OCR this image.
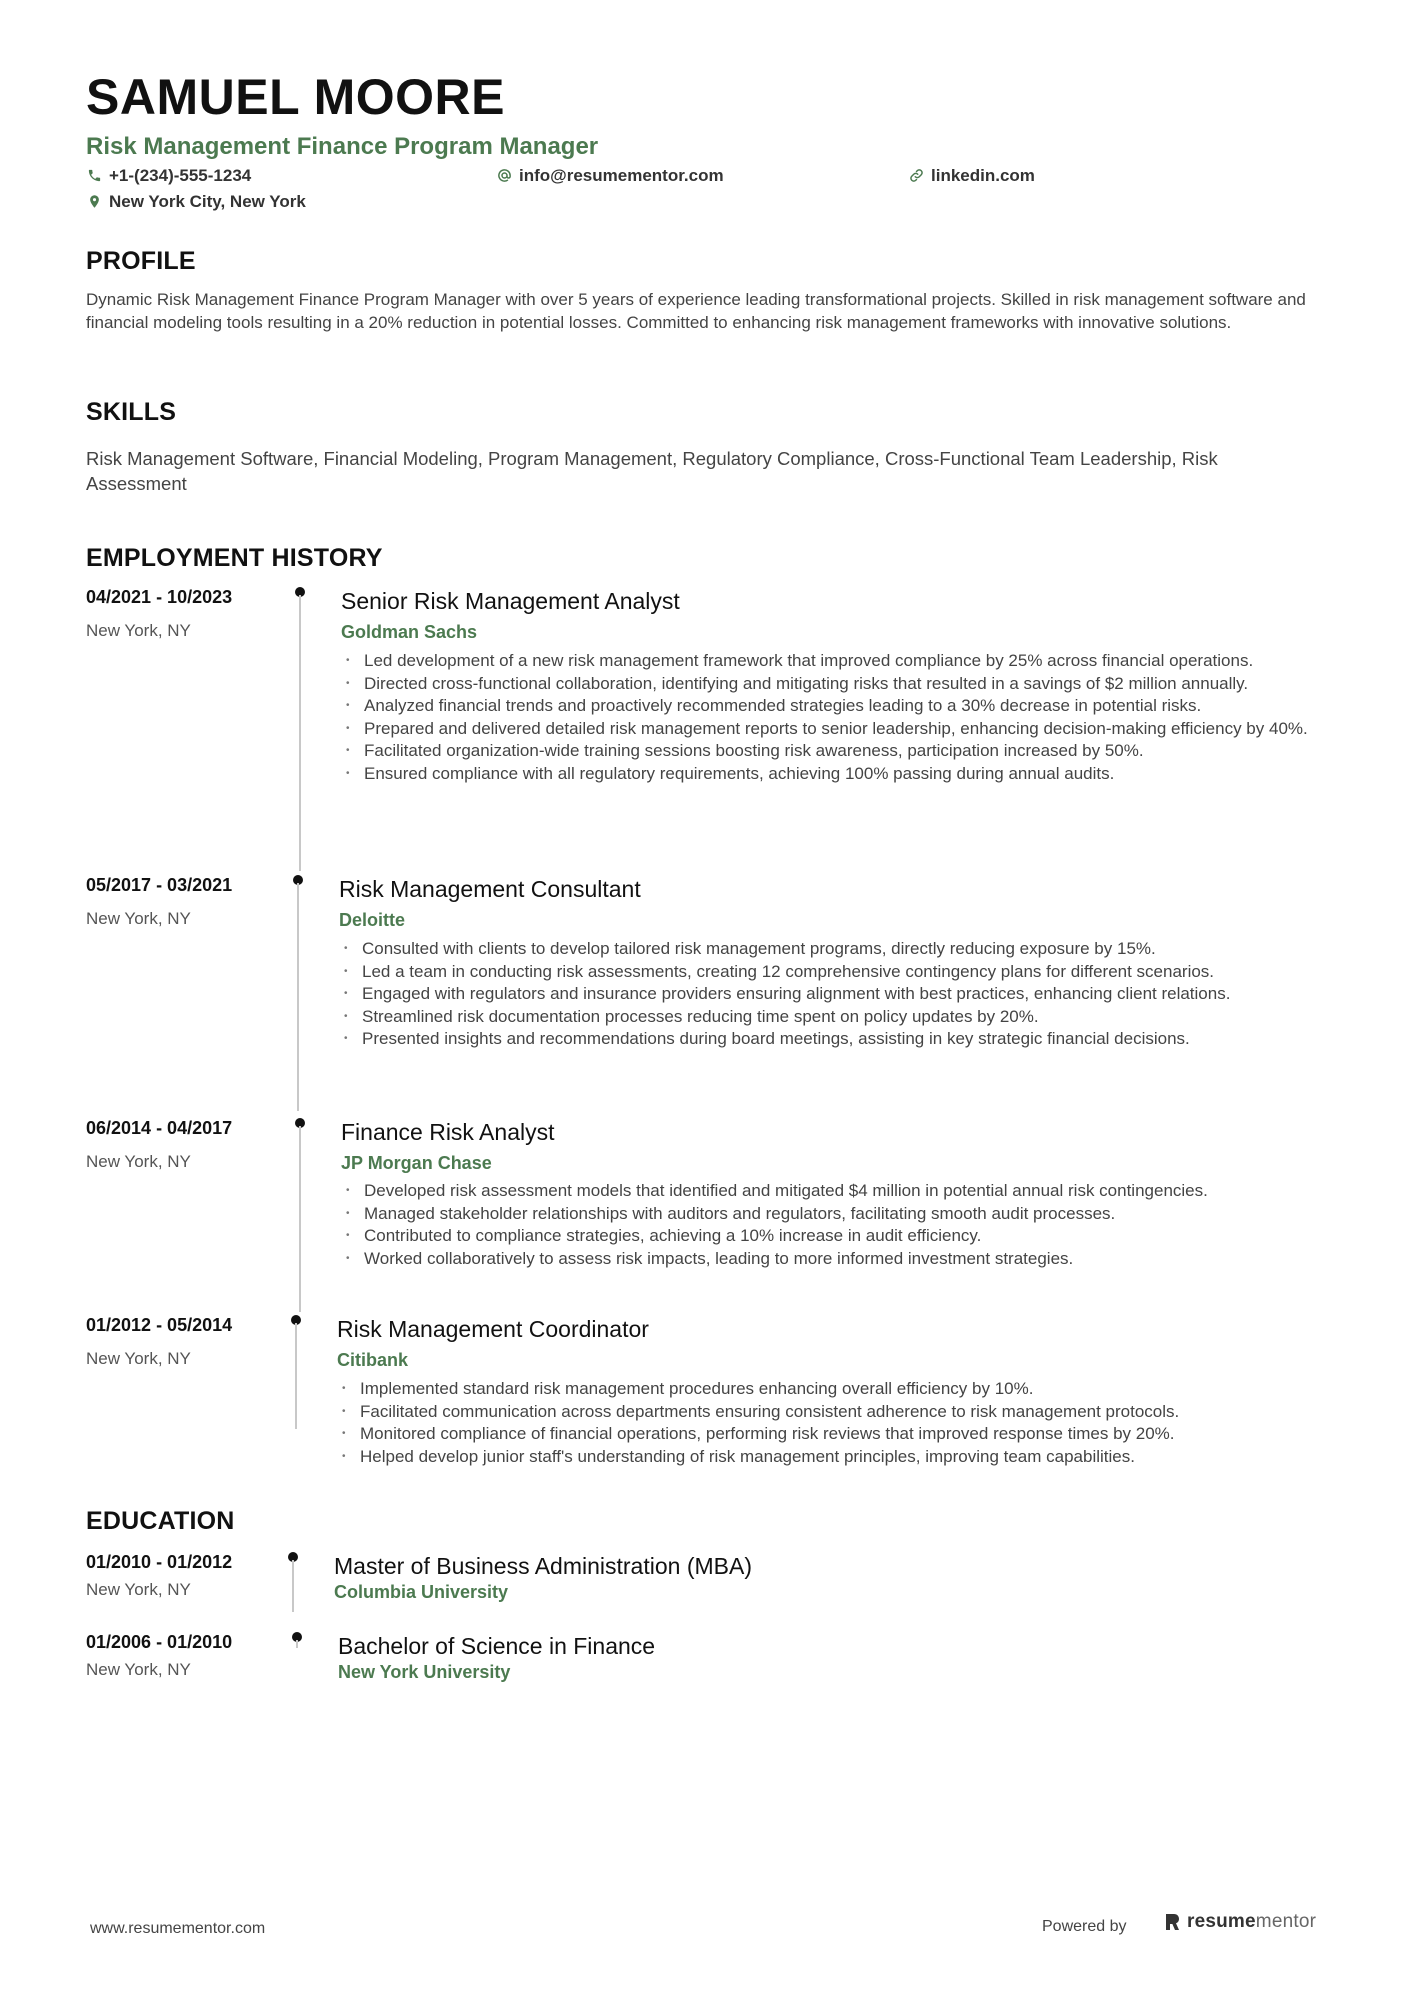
SAMUEL MOORE
Risk Management Finance Program Manager
+1-(234)-555-1234	info@resumementor.com	linkedin.com
New York City, New York
PROFILE
Dynamic Risk Management Finance Program Manager with over 5 years of experience leading transformational projects. Skilled in risk management software and financial modeling tools resulting in a 20% reduction in potential losses. Committed to enhancing risk management frameworks with innovative solutions.
SKILLS
Risk Management Software, Financial Modeling, Program Management, Regulatory Compliance, Cross-Functional Team Leadership, Risk Assessment
EMPLOYMENT HISTORY
04/2021 - 10/2023
New York, NY
Senior Risk Management Analyst
Goldman Sachs
• Led development of a new risk management framework that improved compliance by 25% across financial operations.
• Directed cross-functional collaboration, identifying and mitigating risks that resulted in a savings of $2 million annually.
• Analyzed financial trends and proactively recommended strategies leading to a 30% decrease in potential risks.
• Prepared and delivered detailed risk management reports to senior leadership, enhancing decision-making efficiency by 40%.
• Facilitated organization-wide training sessions boosting risk awareness, participation increased by 50%.
• Ensured compliance with all regulatory requirements, achieving 100% passing during annual audits.
05/2017 - 03/2021
New York, NY
Risk Management Consultant
Deloitte
• Consulted with clients to develop tailored risk management programs, directly reducing exposure by 15%.
• Led a team in conducting risk assessments, creating 12 comprehensive contingency plans for different scenarios.
• Engaged with regulators and insurance providers ensuring alignment with best practices, enhancing client relations.
• Streamlined risk documentation processes reducing time spent on policy updates by 20%.
• Presented insights and recommendations during board meetings, assisting in key strategic financial decisions.
06/2014 - 04/2017
New York, NY
Finance Risk Analyst
JP Morgan Chase
• Developed risk assessment models that identified and mitigated $4 million in potential annual risk contingencies.
• Managed stakeholder relationships with auditors and regulators, facilitating smooth audit processes.
• Contributed to compliance strategies, achieving a 10% increase in audit efficiency.
• Worked collaboratively to assess risk impacts, leading to more informed investment strategies.
01/2012 - 05/2014
New York, NY
Risk Management Coordinator
Citibank
• Implemented standard risk management procedures enhancing overall efficiency by 10%.
• Facilitated communication across departments ensuring consistent adherence to risk management protocols.
• Monitored compliance of financial operations, performing risk reviews that improved response times by 20%.
• Helped develop junior staff's understanding of risk management principles, improving team capabilities.
EDUCATION
01/2010 - 01/2012
New York, NY
Master of Business Administration (MBA)
Columbia University
01/2006 - 01/2010
New York, NY
Bachelor of Science in Finance
New York University
www.resumementor.com	Powered by	resumementor
